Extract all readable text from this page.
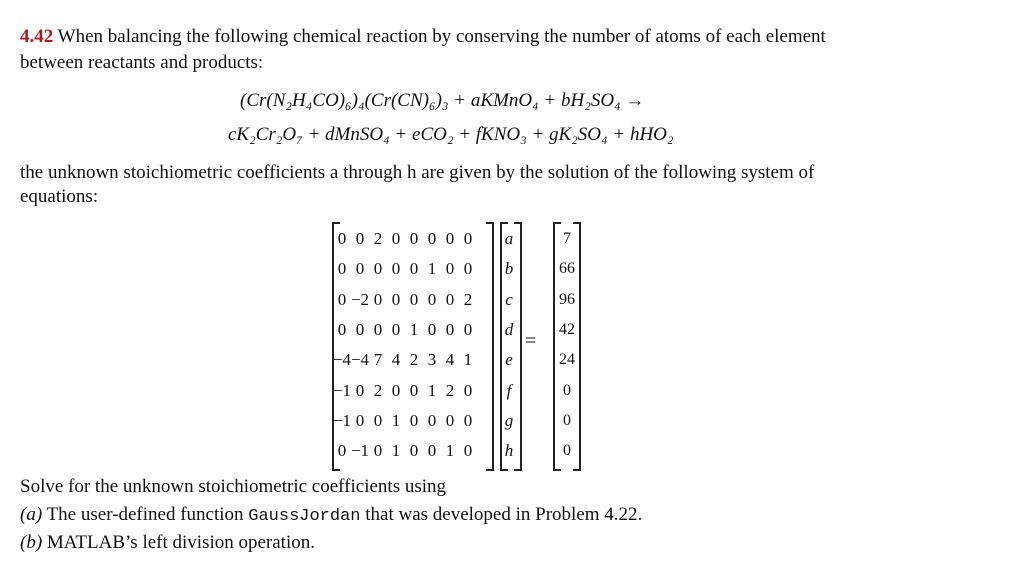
4.42 When balancing the following chemical reaction by conserving the number of atoms of each element
between reactants and products:
(Cr(N₂H₄CO)₆)₄(Cr(CN)₆)₃ + aKMnO₄ + bH₂SO₄ →
cK₂Cr₂O₇ + dMnSO₄ + eCO₂ + fKNO₃ + gK₂SO₄ + hHO₂
the unknown stoichiometric coefficients a through h are given by the solution of the following system of
equations:
0 0 2 0 0 0 0 0
0 0 0 0 0 1 0 0
0 −2 0 0 0 0 0 2
0 0 0 0 1 0 0 0
−4 −4 7 4 2 3 4 1
−1 0 2 0 0 1 2 0
−1 0 0 1 0 0 0 0
0 −1 0 1 0 0 1 0
a
b
c
d
e
f
g
h
=
7
66
96
42
24
0
0
0
Solve for the unknown stoichiometric coefficients using
(a) The user-defined function GaussJordan that was developed in Problem 4.22.
(b) MATLAB’s left division operation.
